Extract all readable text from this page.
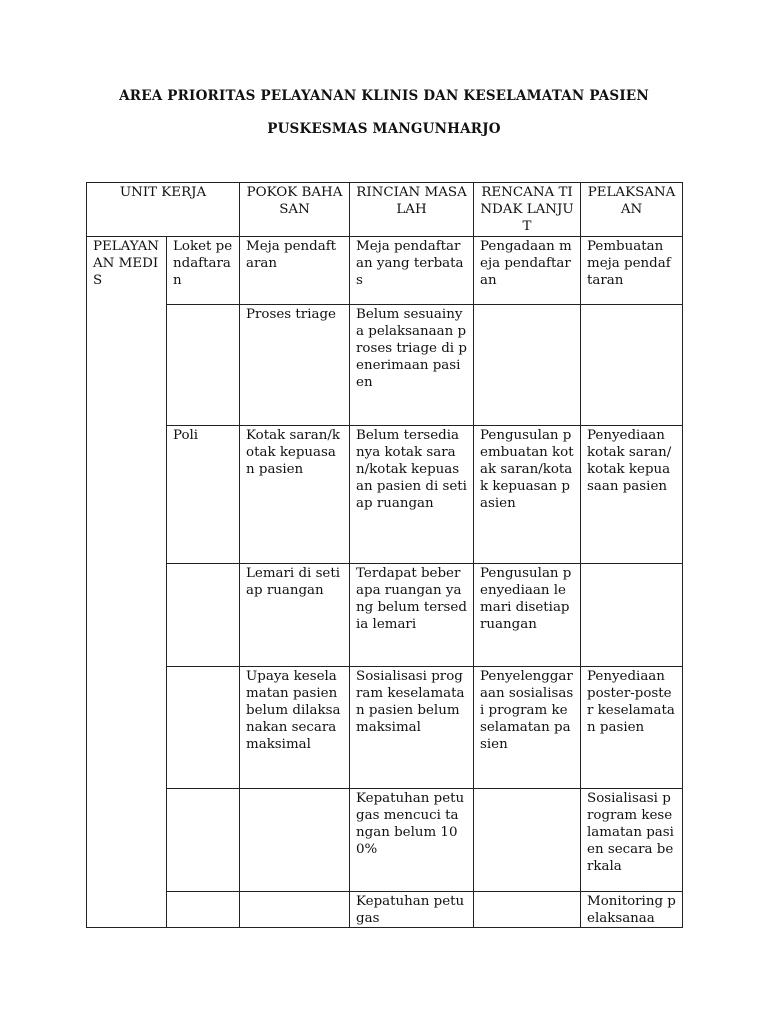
AREA PRIORITAS PELAYANAN KLINIS DAN KESELAMATAN PASIEN
PUSKESMAS MANGUNHARJO
UNIT KERJA		POKOK BAHASAN	RINCIAN MASALAH	RENCANA TINDAK LANJUT	PELAKSANAAN
PELAYANAN MEDIS	Loket pendaftaran	Meja pendaftaran	Meja pendaftaran yang terbatas	Pengadaan meja pendaftaran	Pembuatan meja pendaftaran
		Proses triage	Belum sesuainya pelaksanaan proses triage di penerimaan pasien		
	Poli	Kotak saran/kotak kepuasan pasien	Belum tersedia nya kotak saran/kotak kepuasan pasien di setiap ruangan	Pengusulan pembuatan kotak saran/kotak kepuasan pasien	Penyediaan kotak saran/kotak kepuasaan pasien
		Lemari di setiap ruangan	Terdapat beberapa ruangan yang belum tersedia lemari	Pengusulan penyediaan lemari disetiap ruangan	
		Upaya keselamatan pasien belum dilaksanakan secara maksimal	Sosialisasi program keselamatan pasien belum maksimal	Penyelenggaraan sosialisasi program keselamatan pasien	Penyediaan poster-poster keselamatan pasien
			Kepatuhan petugas mencuci tangan belum 100%		Sosialisasi program keselamatan pasien secara berkala
			Kepatuhan petugas		Monitoring pelaksanaa
